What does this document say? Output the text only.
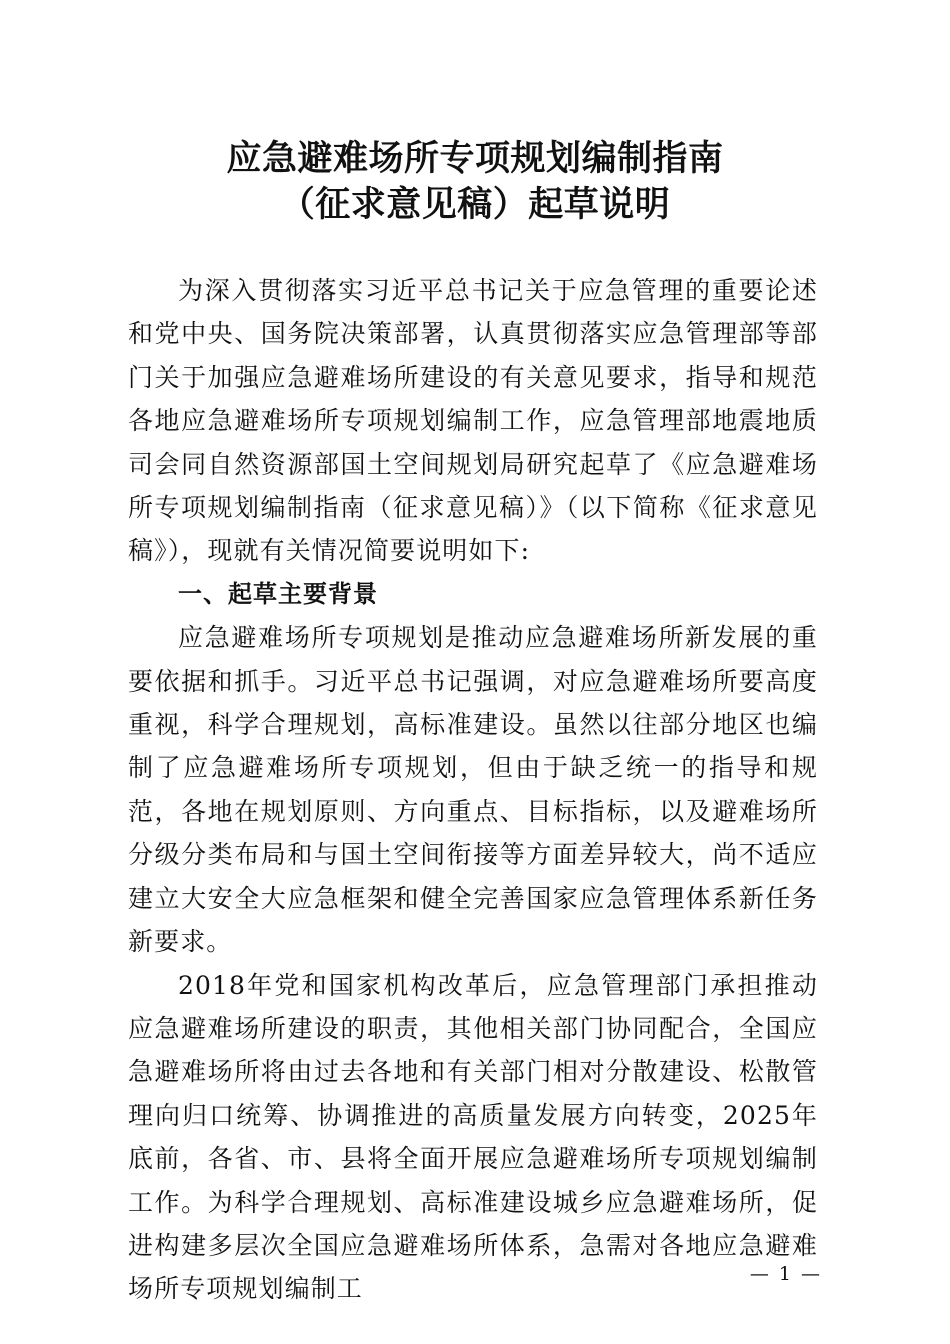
应急避难场所专项规划编制指南
（征求意见稿）起草说明

为深入贯彻落实习近平总书记关于应急管理的重要论述和党中央、国务院决策部署，认真贯彻落实应急管理部等部门关于加强应急避难场所建设的有关意见要求，指导和规范各地应急避难场所专项规划编制工作，应急管理部地震地质司会同自然资源部国土空间规划局研究起草了《应急避难场所专项规划编制指南（征求意见稿）》（以下简称《征求意见稿》），现就有关情况简要说明如下:

一、起草主要背景

应急避难场所专项规划是推动应急避难场所新发展的重要依据和抓手。习近平总书记强调，对应急避难场所要高度重视，科学合理规划，高标准建设。虽然以往部分地区也编制了应急避难场所专项规划，但由于缺乏统一的指导和规范，各地在规划原则、方向重点、目标指标，以及避难场所分级分类布局和与国土空间衔接等方面差异较大，尚不适应建立大安全大应急框架和健全完善国家应急管理体系新任务新要求。

2018年党和国家机构改革后，应急管理部门承担推动应急避难场所建设的职责，其他相关部门协同配合，全国应急避难场所将由过去各地和有关部门相对分散建设、松散管理向归口统筹、协调推进的高质量发展方向转变，2025年底前，各省、市、县将全面开展应急避难场所专项规划编制工作。为科学合理规划、高标准建设城乡应急避难场所，促进构建多层次全国应急避难场所体系，急需对各地应急避难场所专项规划编制工

— 1 —
